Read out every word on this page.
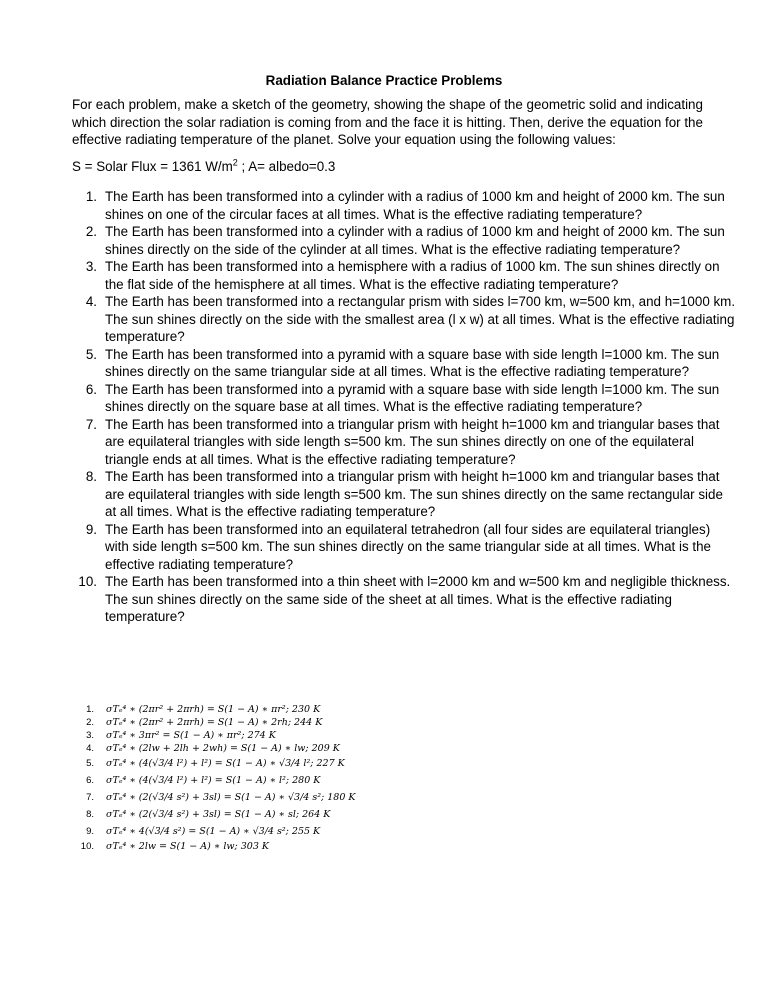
Radiation Balance Practice Problems
For each problem, make a sketch of the geometry, showing the shape of the geometric solid and indicating which direction the solar radiation is coming from and the face it is hitting. Then, derive the equation for the effective radiating temperature of the planet. Solve your equation using the following values:
S = Solar Flux = 1361 $W/m^2$ ; A= albedo=0.3
1. The Earth has been transformed into a cylinder with a radius of 1000 km and height of 2000 km. The sun shines on one of the circular faces at all times. What is the effective radiating temperature?
2. The Earth has been transformed into a cylinder with a radius of 1000 km and height of 2000 km. The sun shines directly on the side of the cylinder at all times. What is the effective radiating temperature?
3. The Earth has been transformed into a hemisphere with a radius of 1000 km. The sun shines directly on the flat side of the hemisphere at all times. What is the effective radiating temperature?
4. The Earth has been transformed into a rectangular prism with sides l=700 km, w=500 km, and h=1000 km. The sun shines directly on the side with the smallest area (l x w) at all times. What is the effective radiating temperature?
5. The Earth has been transformed into a pyramid with a square base with side length l=1000 km. The sun shines directly on the same triangular side at all times. What is the effective radiating temperature?
6. The Earth has been transformed into a pyramid with a square base with side length l=1000 km. The sun shines directly on the square base at all times. What is the effective radiating temperature?
7. The Earth has been transformed into a triangular prism with height h=1000 km and triangular bases that are equilateral triangles with side length s=500 km. The sun shines directly on one of the equilateral triangle ends at all times. What is the effective radiating temperature?
8. The Earth has been transformed into a triangular prism with height h=1000 km and triangular bases that are equilateral triangles with side length s=500 km. The sun shines directly on the same rectangular side at all times. What is the effective radiating temperature?
9. The Earth has been transformed into an equilateral tetrahedron (all four sides are equilateral triangles) with side length s=500 km. The sun shines directly on the same triangular side at all times. What is the effective radiating temperature?
10. The Earth has been transformed into a thin sheet with l=2000 km and w=500 km and negligible thickness. The sun shines directly on the same side of the sheet at all times. What is the effective radiating temperature?
1. σTₑ⁴ ∗ (2πr² + 2πrh) = S(1 − A) ∗ πr²; 230 K
2. σTₑ⁴ ∗ (2πr² + 2πrh) = S(1 − A) ∗ 2rh; 244 K
3. σTₑ⁴ ∗ 3πr² = S(1 − A) ∗ πr²; 274 K
4. σTₑ⁴ ∗ (2lw + 2lh + 2wh) = S(1 − A) ∗ lw; 209 K
5. σTₑ⁴ ∗ (4(√3/4 l²) + l²) = S(1 − A) ∗ √3/4 l²; 227 K
6. σTₑ⁴ ∗ (4(√3/4 l²) + l²) = S(1 − A) ∗ l²; 280 K
7. σTₑ⁴ ∗ (2(√3/4 s²) + 3sl) = S(1 − A) ∗ √3/4 s²; 180 K
8. σTₑ⁴ ∗ (2(√3/4 s²) + 3sl) = S(1 − A) ∗ sl; 264 K
9. σTₑ⁴ ∗ 4(√3/4 s²) = S(1 − A) ∗ √3/4 s²; 255 K
10. σTₑ⁴ ∗ 2lw = S(1 − A) ∗ lw; 303 K
